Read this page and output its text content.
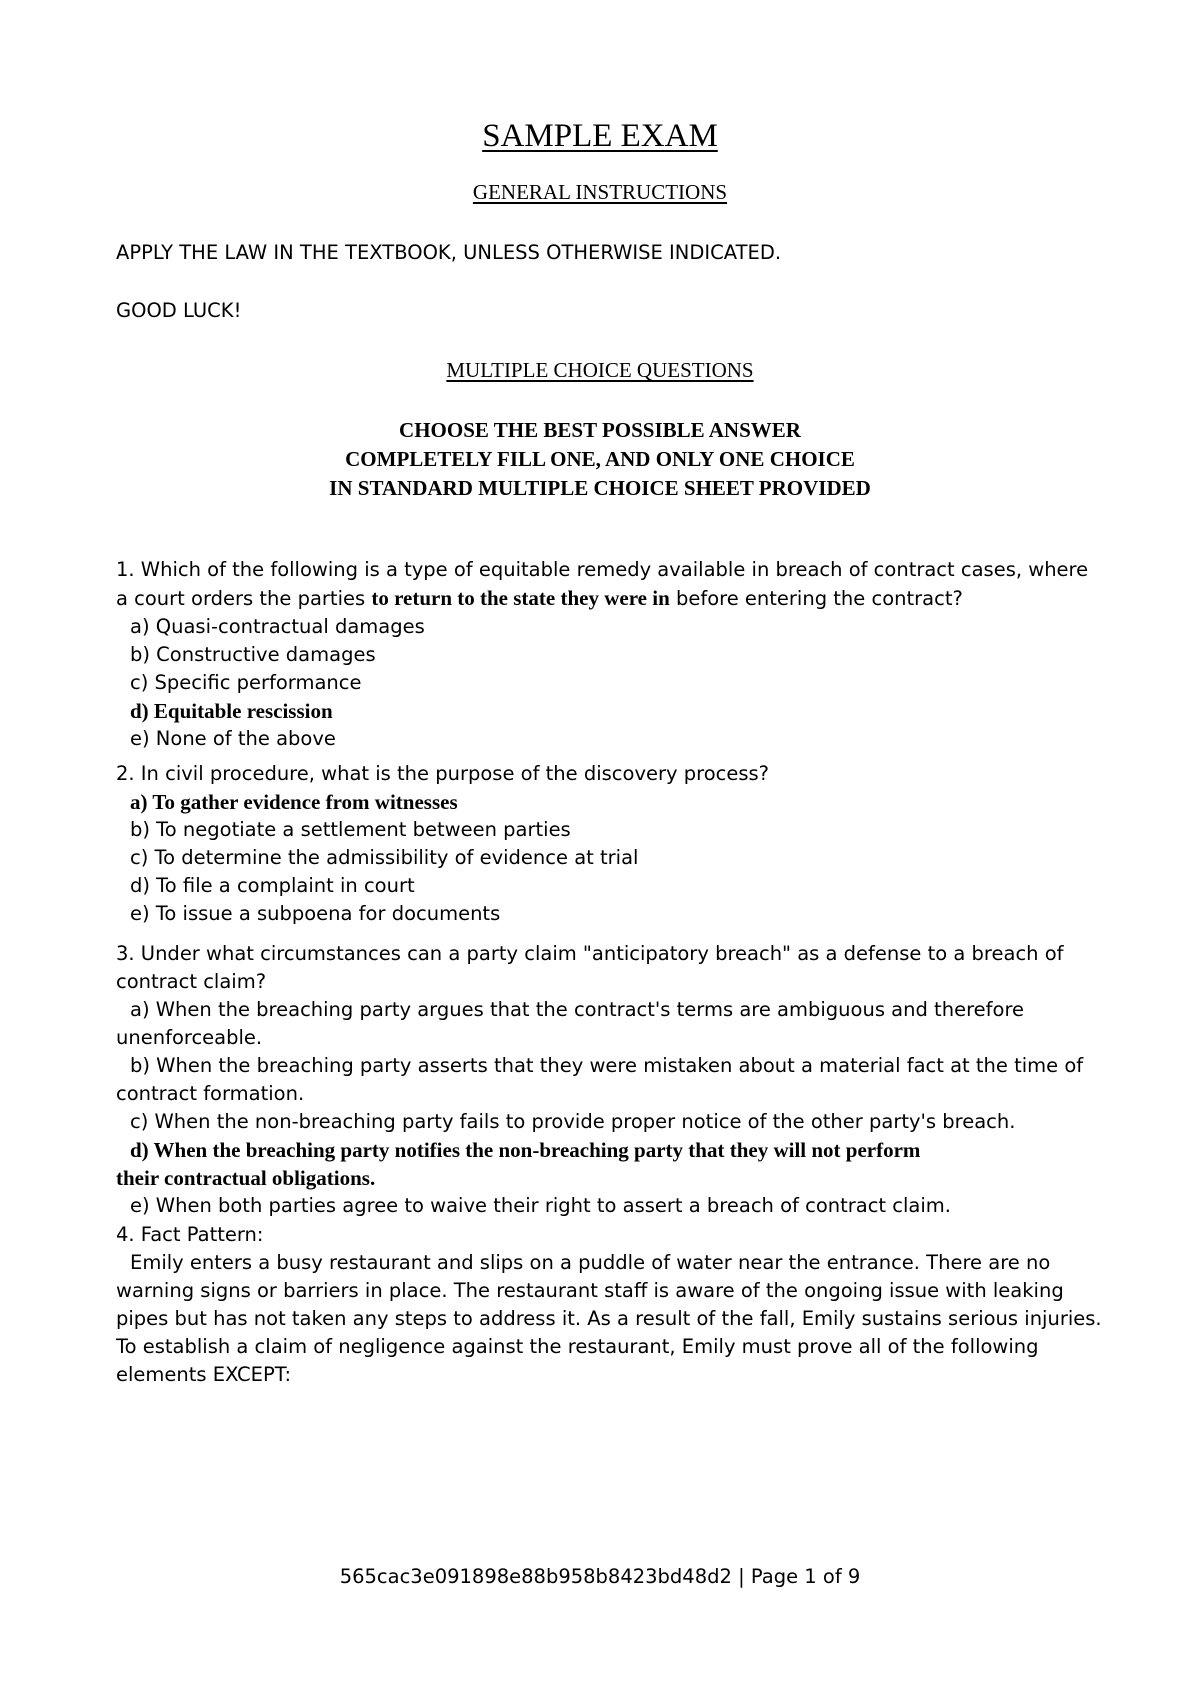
SAMPLE EXAM
GENERAL INSTRUCTIONS
APPLY THE LAW IN THE TEXTBOOK, UNLESS OTHERWISE INDICATED.
GOOD LUCK!
MULTIPLE CHOICE QUESTIONS
CHOOSE THE BEST POSSIBLE ANSWER
COMPLETELY FILL ONE, AND ONLY ONE CHOICE
IN STANDARD MULTIPLE CHOICE SHEET PROVIDED
1. Which of the following is a type of equitable remedy available in breach of contract cases, where
a court orders the parties to return to the state they were in before entering the contract?
a) Quasi-contractual damages
b) Constructive damages
c) Specific performance
d) Equitable rescission
e) None of the above
2. In civil procedure, what is the purpose of the discovery process?
a) To gather evidence from witnesses
b) To negotiate a settlement between parties
c) To determine the admissibility of evidence at trial
d) To file a complaint in court
e) To issue a subpoena for documents
3. Under what circumstances can a party claim "anticipatory breach" as a defense to a breach of
contract claim?
a) When the breaching party argues that the contract's terms are ambiguous and therefore
unenforceable.
b) When the breaching party asserts that they were mistaken about a material fact at the time of
contract formation.
c) When the non-breaching party fails to provide proper notice of the other party's breach.
d) When the breaching party notifies the non-breaching party that they will not perform
their contractual obligations.
e) When both parties agree to waive their right to assert a breach of contract claim.
4. Fact Pattern:
Emily enters a busy restaurant and slips on a puddle of water near the entrance. There are no
warning signs or barriers in place. The restaurant staff is aware of the ongoing issue with leaking
pipes but has not taken any steps to address it. As a result of the fall, Emily sustains serious injuries.
To establish a claim of negligence against the restaurant, Emily must prove all of the following
elements EXCEPT:
565cac3e091898e88b958b8423bd48d2 | Page 1 of 9
